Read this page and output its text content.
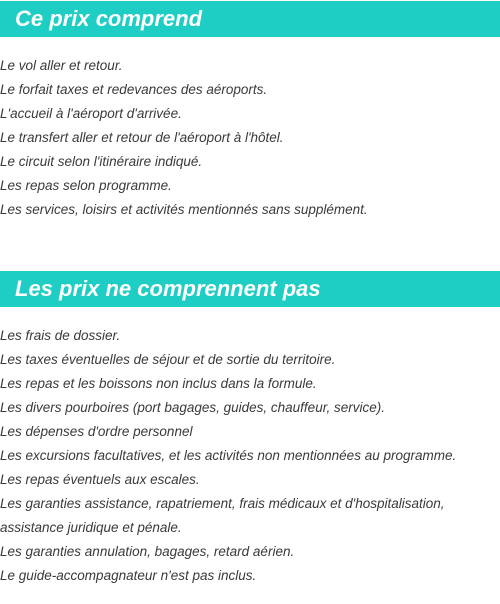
Ce prix comprend
Le vol aller et retour.
Le forfait taxes et redevances des aéroports.
L'accueil à l'aéroport d'arrivée.
Le transfert aller et retour de l'aéroport à l'hôtel.
Le circuit selon l'itinéraire indiqué.
Les repas selon programme.
Les services, loisirs et activités mentionnés sans supplément.
Les prix ne comprennent pas
Les frais de dossier.
Les taxes éventuelles de séjour et de sortie du territoire.
Les repas et les boissons non inclus dans la formule.
Les divers pourboires (port bagages, guides, chauffeur, service).
Les dépenses d'ordre personnel
Les excursions facultatives, et les activités non mentionnées au programme.
Les repas éventuels aux escales.
Les garanties assistance, rapatriement, frais médicaux et d'hospitalisation,
assistance juridique et pénale.
Les garanties annulation, bagages, retard aérien.
Le guide-accompagnateur n'est pas inclus.
